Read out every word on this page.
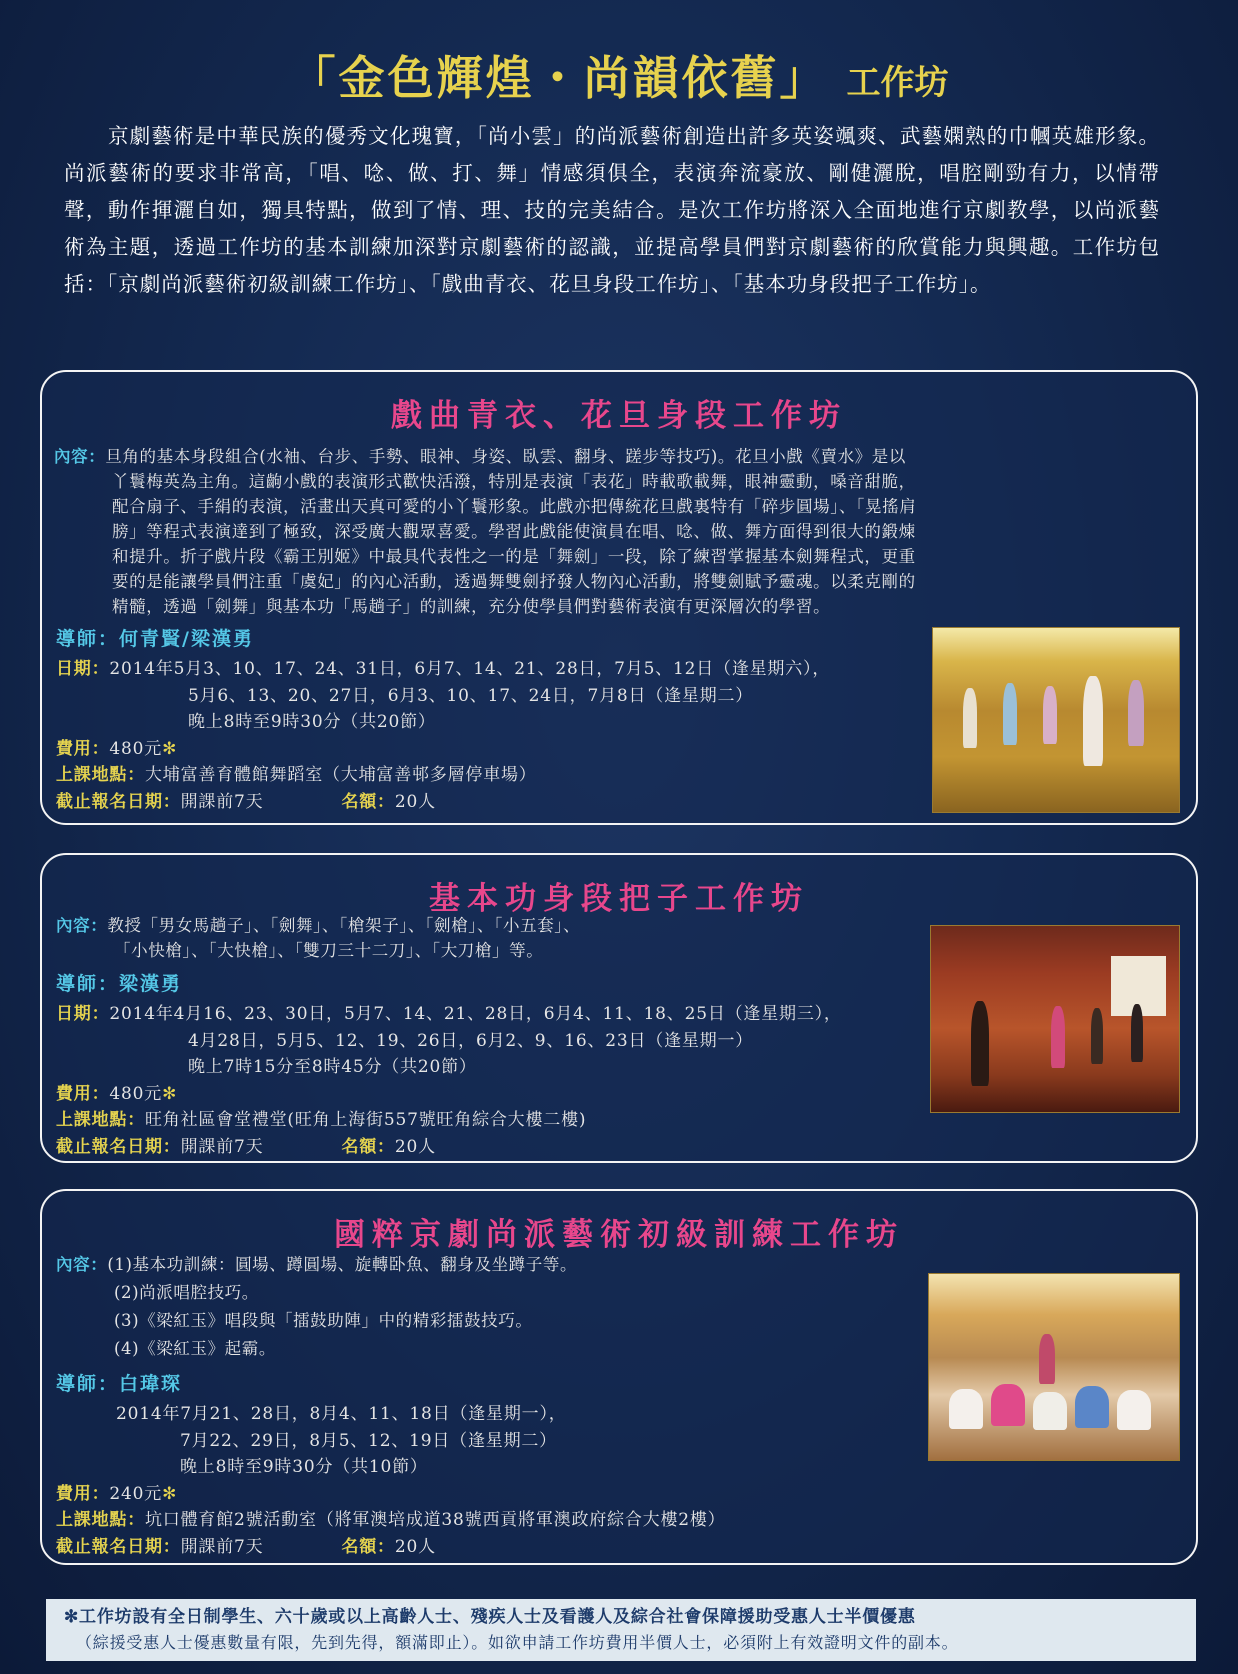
「金色輝煌・尚韻依舊」 工作坊
京劇藝術是中華民族的優秀文化瑰寶，「尚小雲」的尚派藝術創造出許多英姿颯爽、武藝嫻熟的巾幗英雄形象。尚派藝術的要求非常高，「唱、唸、做、打、舞」情感須俱全，表演奔流豪放、剛健灑脫，唱腔剛勁有力，以情帶聲，動作揮灑自如，獨具特點，做到了情、理、技的完美結合。是次工作坊將深入全面地進行京劇教學，以尚派藝術為主題，透過工作坊的基本訓練加深對京劇藝術的認識，並提高學員們對京劇藝術的欣賞能力與興趣。工作坊包括：「京劇尚派藝術初級訓練工作坊」、「戲曲青衣、花旦身段工作坊」、「基本功身段把子工作坊」。
戲曲青衣、花旦身段工作坊
內容：旦角的基本身段組合(水袖、台步、手勢、眼神、身姿、臥雲、翻身、蹉步等技巧)。花旦小戲《賣水》是以
丫鬟梅英為主角。這齣小戲的表演形式歡快活潑，特別是表演「表花」時載歌載舞，眼神靈動，嗓音甜脆，
配合扇子、手絹的表演，活畫出天真可愛的小丫鬟形象。此戲亦把傳統花旦戲裏特有「碎步圓場」、「晃搖肩
膀」等程式表演達到了極致，深受廣大觀眾喜愛。學習此戲能使演員在唱、唸、做、舞方面得到很大的鍛煉
和提升。折子戲片段《霸王別姬》中最具代表性之一的是「舞劍」一段，除了練習掌握基本劍舞程式，更重
要的是能讓學員們注重「虞妃」的內心活動，透過舞雙劍抒發人物內心活動，將雙劍賦予靈魂。以柔克剛的
精髓，透過「劍舞」與基本功「馬趟子」的訓練，充分使學員們對藝術表演有更深層次的學習。
導師：何青賢/梁漢勇
日期：2014年5月3、10、17、24、31日，6月7、14、21、28日，7月5、12日（逢星期六），
5月6、13、20、27日，6月3、10、17、24日，7月8日（逢星期二）
晚上8時至9時30分（共20節）
費用：480元✻
上課地點：大埔富善育體館舞蹈室（大埔富善邨多層停車場）
截止報名日期：開課前7天	名額：20人
基本功身段把子工作坊
內容：教授「男女馬趟子」、「劍舞」、「槍架子」、「劍槍」、「小五套」、
「小快槍」、「大快槍」、「雙刀三十二刀」、「大刀槍」等。
導師：梁漢勇
日期：2014年4月16、23、30日，5月7、14、21、28日，6月4、11、18、25日（逢星期三），
4月28日，5月5、12、19、26日，6月2、9、16、23日（逢星期一）
晚上7時15分至8時45分（共20節）
費用：480元✻
上課地點：旺角社區會堂禮堂(旺角上海街557號旺角綜合大樓二樓)
截止報名日期：開課前7天	名額：20人
國粹京劇尚派藝術初級訓練工作坊
內容：(1)基本功訓練：圓場、蹲圓場、旋轉卧魚、翻身及坐蹲子等。
(2)尚派唱腔技巧。
(3)《梁紅玉》唱段與「擂鼓助陣」中的精彩擂鼓技巧。
(4)《梁紅玉》起霸。
導師：白瑋琛
2014年7月21、28日，8月4、11、18日（逢星期一），
7月22、29日，8月5、12、19日（逢星期二）
晚上8時至9時30分（共10節）
費用：240元✻
上課地點：坑口體育館2號活動室（將軍澳培成道38號西貢將軍澳政府綜合大樓2樓）
截止報名日期：開課前7天	名額：20人
✻工作坊設有全日制學生、六十歲或以上高齡人士、殘疾人士及看護人及綜合社會保障援助受惠人士半價優惠
（綜援受惠人士優惠數量有限，先到先得，額滿即止）。如欲申請工作坊費用半價人士，必須附上有效證明文件的副本。
